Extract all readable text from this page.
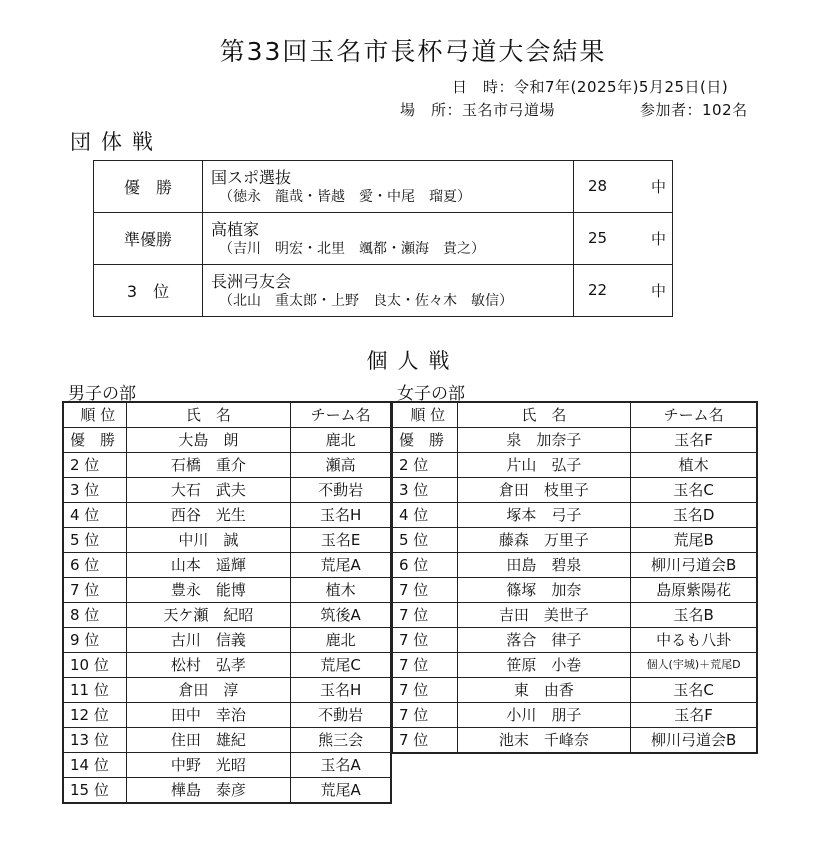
第33回玉名市長杯弓道大会結果
日　時：令和7年(2025年)5月25日(日)
場　所：玉名市弓道場	参加者：102名
団体戦
優　勝	国スポ選抜
（徳永　龍哉・皆越　愛・中尾　瑠夏）	28	中
準優勝	高植家
（吉川　明宏・北里　颯都・瀬海　貴之）	25	中
3　位	長洲弓友会
（北山　重太郎・上野　良太・佐々木　敏信）	22	中
個人戦
男子の部	女子の部
順 位	氏　名	チーム名
優　勝	大島　朗	鹿北
2 位	石橋　重介	瀬高
3 位	大石　武夫	不動岩
4 位	西谷　光生	玉名H
5 位	中川　誠	玉名E
6 位	山本　遥輝	荒尾A
7 位	豊永　能博	植木
8 位	天ケ瀬　紀昭	筑後A
9 位	古川　信義	鹿北
10 位	松村　弘孝	荒尾C
11 位	倉田　淳	玉名H
12 位	田中　幸治	不動岩
13 位	住田　雄紀	熊三会
14 位	中野　光昭	玉名A
15 位	樺島　泰彦	荒尾A
順 位	氏　名	チーム名
優　勝	泉　加奈子	玉名F
2 位	片山　弘子	植木
3 位	倉田　枝里子	玉名C
4 位	塚本　弓子	玉名D
5 位	藤森　万里子	荒尾B
6 位	田島　碧泉	柳川弓道会B
7 位	篠塚　加奈	島原紫陽花
7 位	吉田　美世子	玉名B
7 位	落合　律子	中るも八卦
7 位	笹原　小巻	個人(宇城)＋荒尾D
7 位	東　由香	玉名C
7 位	小川　朋子	玉名F
7 位	池末　千峰奈	柳川弓道会B
